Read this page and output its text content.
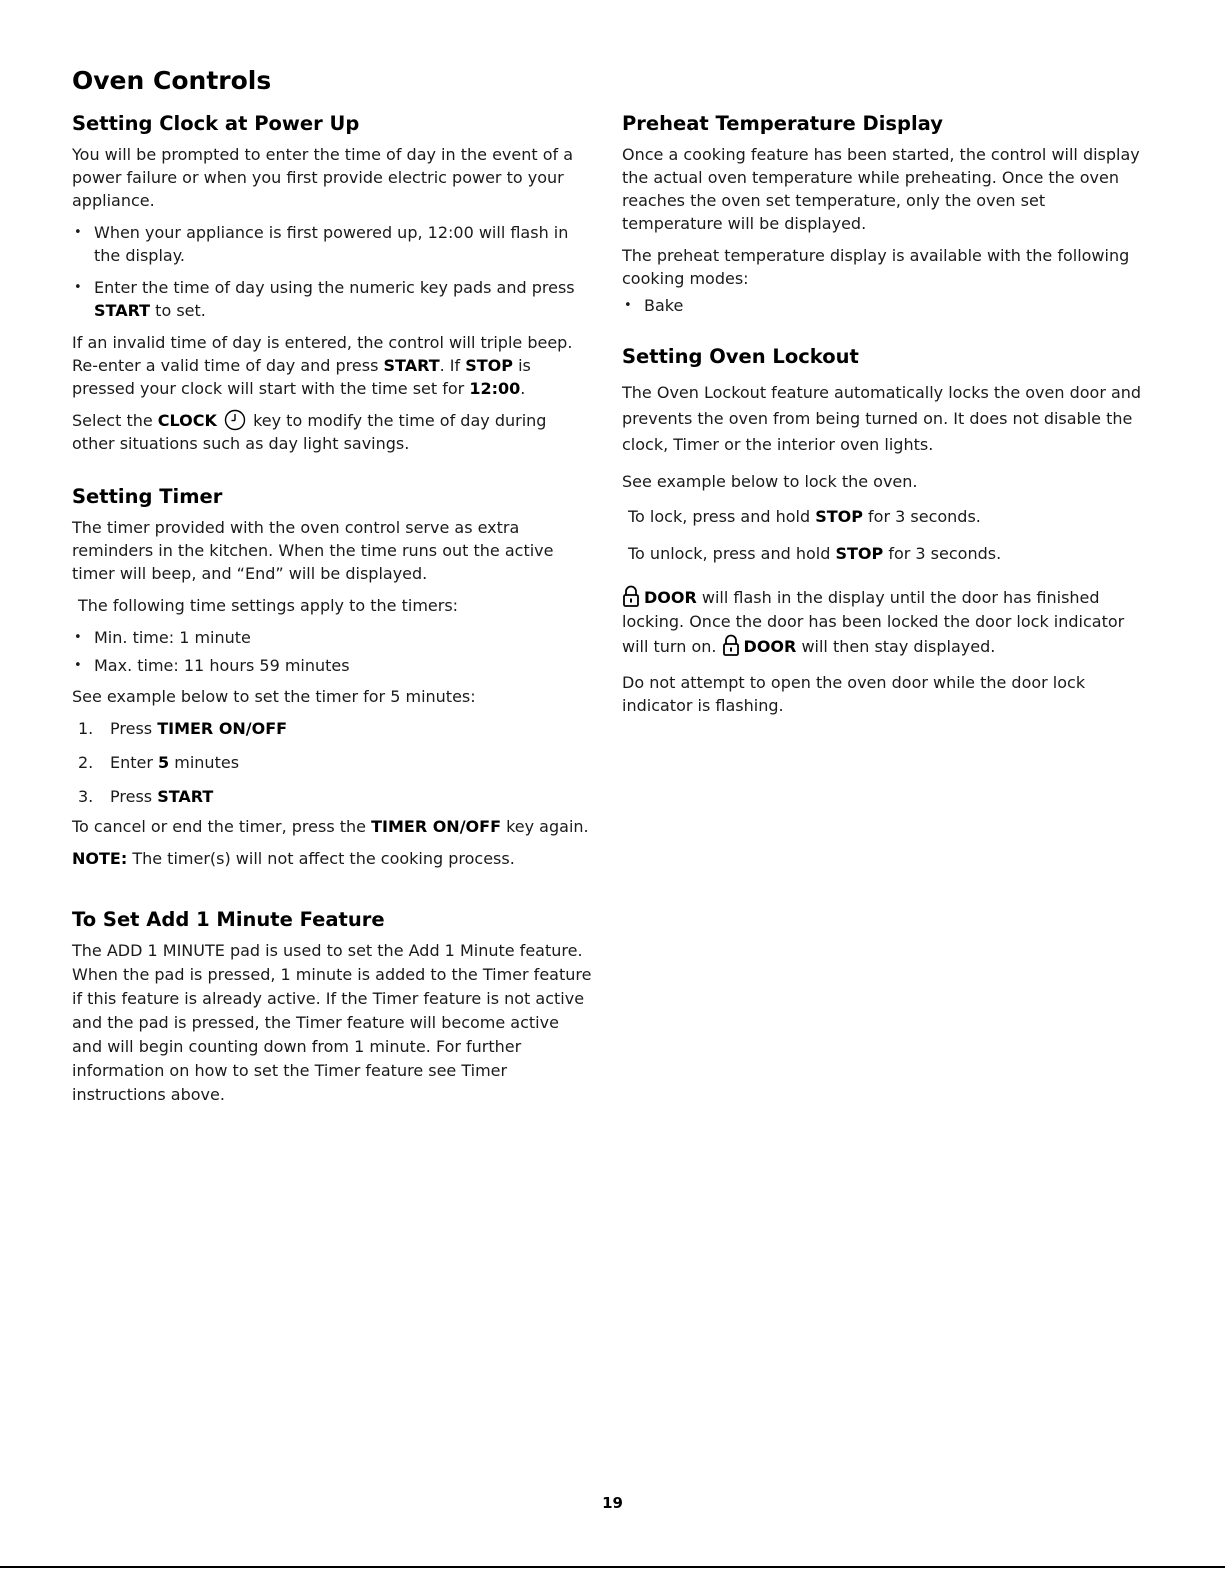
Oven Controls
Setting Clock at Power Up

You will be prompted to enter the time of day in the event of a power failure or when you first provide electric power to your appliance.

• When your appliance is first powered up, 12:00 will flash in the display.
• Enter the time of day using the numeric key pads and press START to set.

If an invalid time of day is entered, the control will triple beep. Re-enter a valid time of day and press START. If STOP is pressed your clock will start with the time set for 12:00.

Select the CLOCK  key to modify the time of day during other situations such as day light savings.

Setting Timer

The timer provided with the oven control serve as extra reminders in the kitchen. When the time runs out the active timer will beep, and “End” will be displayed.

The following time settings apply to the timers:

• Min. time: 1 minute
• Max. time: 11 hours 59 minutes

See example below to set the timer for 5 minutes:

1. Press TIMER ON/OFF
2. Enter 5 minutes
3. Press START

To cancel or end the timer, press the TIMER ON/OFF key again.

NOTE: The timer(s) will not affect the cooking process.

To Set Add 1 Minute Feature

The ADD 1 MINUTE pad is used to set the Add 1 Minute feature. When the pad is pressed, 1 minute is added to the Timer feature if this feature is already active. If the Timer feature is not active and the pad is pressed, the Timer feature will become active and will begin counting down from 1 minute. For further information on how to set the Timer feature see Timer instructions above.

Preheat Temperature Display

Once a cooking feature has been started, the control will display the actual oven temperature while preheating. Once the oven reaches the oven set temperature, only the oven set temperature will be displayed.

The preheat temperature display is available with the following cooking modes:

• Bake
Setting Oven Lockout

The Oven Lockout feature automatically locks the oven door and prevents the oven from being turned on. It does not disable the clock, Timer or the interior oven lights.

See example below to lock the oven.

To lock, press and hold STOP for 3 seconds.

To unlock, press and hold STOP for 3 seconds.

DOOR will flash in the display until the door has finished locking. Once the door has been locked the door lock indicator will turn on. DOOR will then stay displayed.

Do not attempt to open the oven door while the door lock indicator is flashing.

19
